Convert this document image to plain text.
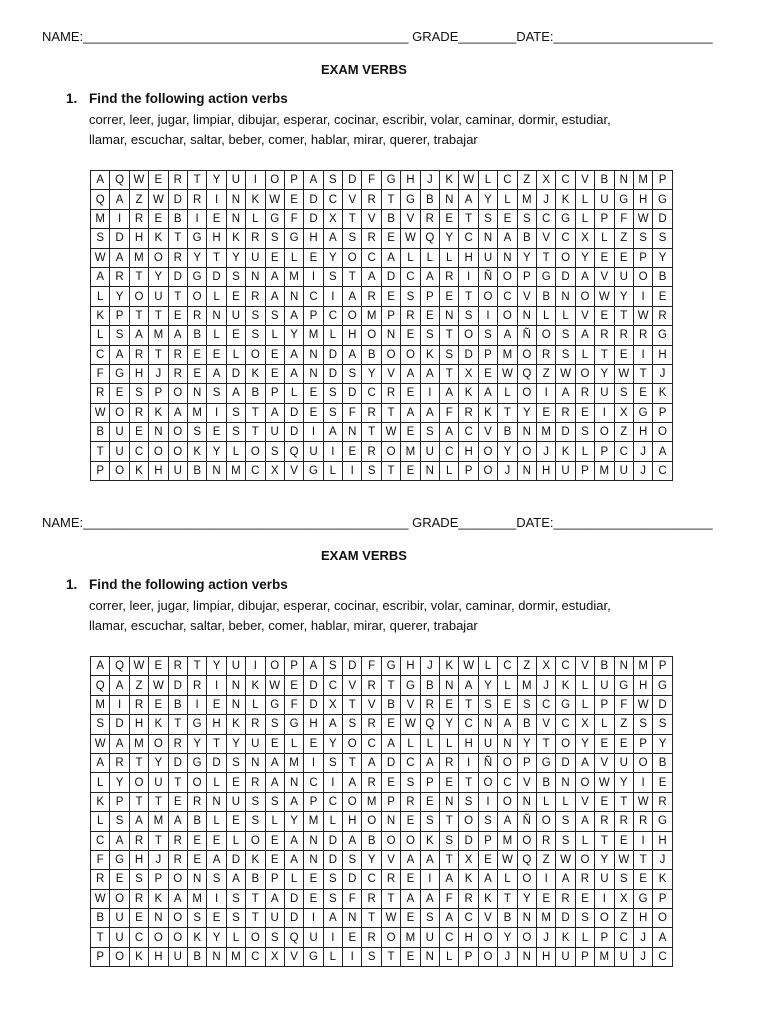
NAME:_____________________________________________ GRADE________DATE:______________________
EXAM VERBS
1. Find the following action verbs
correr, leer, jugar, limpiar, dibujar, esperar, cocinar, escribir, volar, caminar, dormir, estudiar,
llamar, escuchar, saltar, beber, comer, hablar, mirar, querer, trabajar
A	Q	W	E	R	T	Y	U	I	O	P	A	S	D	F	G	H	J	K	W	L	C	Z	X	C	V	B	N	M	P
Q	A	Z	W	D	R	I	N	K	W	E	D	C	V	R	T	G	B	N	A	Y	L	M	J	K	L	U	G	H	G
M	I	R	E	B	I	E	N	L	G	F	D	X	T	V	B	V	R	E	T	S	E	S	C	G	L	P	F	W	D
S	D	H	K	T	G	H	K	R	S	G	H	A	S	R	E	W	Q	Y	C	N	A	B	V	C	X	L	Z	S	S
W	A	M	O	R	Y	T	Y	U	E	L	E	Y	O	C	A	L	L	L	H	U	N	Y	T	O	Y	E	E	P	Y
A	R	T	Y	D	G	D	S	N	A	M	I	S	T	A	D	C	A	R	I	Ñ	O	P	G	D	A	V	U	O	B
L	Y	O	U	T	O	L	E	R	A	N	C	I	A	R	E	S	P	E	T	O	C	V	B	N	O	W	Y	I	E
K	P	T	T	E	R	N	U	S	S	A	P	C	O	M	P	R	E	N	S	I	O	N	L	L	V	E	T	W	R
L	S	A	M	A	B	L	E	S	L	Y	M	L	H	O	N	E	S	T	O	S	A	Ñ	O	S	A	R	R	R	G
C	A	R	T	R	E	E	L	O	E	A	N	D	A	B	O	O	K	S	D	P	M	O	R	S	L	T	E	I	H
F	G	H	J	R	E	A	D	K	E	A	N	D	S	Y	V	A	A	T	X	E	W	Q	Z	W	O	Y	W	T	J
R	E	S	P	O	N	S	A	B	P	L	E	S	D	C	R	E	I	A	K	A	L	O	I	A	R	U	S	E	K
W	O	R	K	A	M	I	S	T	A	D	E	S	F	R	T	A	A	F	R	K	T	Y	E	R	E	I	X	G	P
B	U	E	N	O	S	E	S	T	U	D	I	A	N	T	W	E	S	A	C	V	B	N	M	D	S	O	Z	H	O
T	U	C	O	O	K	Y	L	O	S	Q	U	I	E	R	O	M	U	C	H	O	Y	O	J	K	L	P	C	J	A
P	O	K	H	U	B	N	M	C	X	V	G	L	I	S	T	E	N	L	P	O	J	N	H	U	P	M	U	J	C
NAME:_____________________________________________ GRADE________DATE:______________________
EXAM VERBS
1. Find the following action verbs
correr, leer, jugar, limpiar, dibujar, esperar, cocinar, escribir, volar, caminar, dormir, estudiar,
llamar, escuchar, saltar, beber, comer, hablar, mirar, querer, trabajar
A	Q	W	E	R	T	Y	U	I	O	P	A	S	D	F	G	H	J	K	W	L	C	Z	X	C	V	B	N	M	P
Q	A	Z	W	D	R	I	N	K	W	E	D	C	V	R	T	G	B	N	A	Y	L	M	J	K	L	U	G	H	G
M	I	R	E	B	I	E	N	L	G	F	D	X	T	V	B	V	R	E	T	S	E	S	C	G	L	P	F	W	D
S	D	H	K	T	G	H	K	R	S	G	H	A	S	R	E	W	Q	Y	C	N	A	B	V	C	X	L	Z	S	S
W	A	M	O	R	Y	T	Y	U	E	L	E	Y	O	C	A	L	L	L	H	U	N	Y	T	O	Y	E	E	P	Y
A	R	T	Y	D	G	D	S	N	A	M	I	S	T	A	D	C	A	R	I	Ñ	O	P	G	D	A	V	U	O	B
L	Y	O	U	T	O	L	E	R	A	N	C	I	A	R	E	S	P	E	T	O	C	V	B	N	O	W	Y	I	E
K	P	T	T	E	R	N	U	S	S	A	P	C	O	M	P	R	E	N	S	I	O	N	L	L	V	E	T	W	R
L	S	A	M	A	B	L	E	S	L	Y	M	L	H	O	N	E	S	T	O	S	A	Ñ	O	S	A	R	R	R	G
C	A	R	T	R	E	E	L	O	E	A	N	D	A	B	O	O	K	S	D	P	M	O	R	S	L	T	E	I	H
F	G	H	J	R	E	A	D	K	E	A	N	D	S	Y	V	A	A	T	X	E	W	Q	Z	W	O	Y	W	T	J
R	E	S	P	O	N	S	A	B	P	L	E	S	D	C	R	E	I	A	K	A	L	O	I	A	R	U	S	E	K
W	O	R	K	A	M	I	S	T	A	D	E	S	F	R	T	A	A	F	R	K	T	Y	E	R	E	I	X	G	P
B	U	E	N	O	S	E	S	T	U	D	I	A	N	T	W	E	S	A	C	V	B	N	M	D	S	O	Z	H	O
T	U	C	O	O	K	Y	L	O	S	Q	U	I	E	R	O	M	U	C	H	O	Y	O	J	K	L	P	C	J	A
P	O	K	H	U	B	N	M	C	X	V	G	L	I	S	T	E	N	L	P	O	J	N	H	U	P	M	U	J	C
